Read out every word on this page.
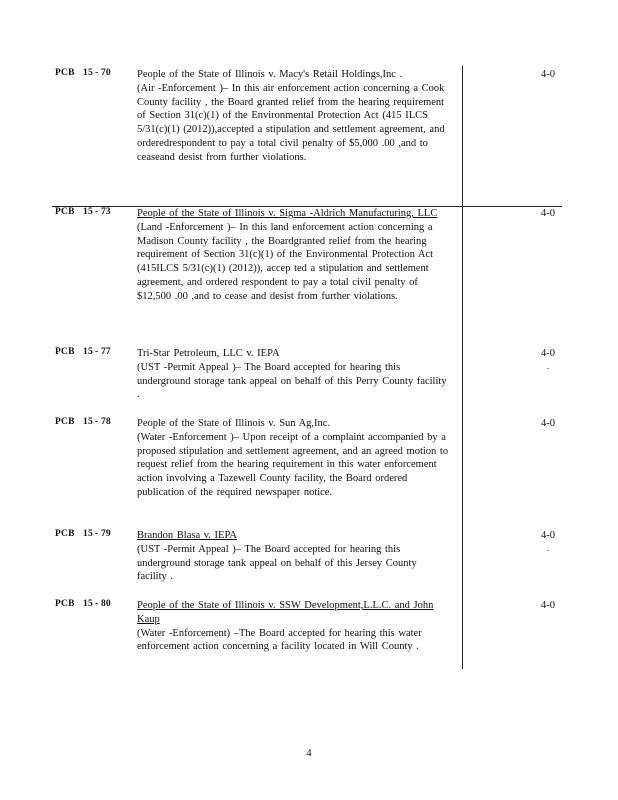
PCB 15 - 70 People of the State of Illinois v. Macy's Retail Holdings,Inc .
(Air -Enforcement )– In this air enforcement action concerning a Cook County facility , the Board granted relief from the hearing requirement of Section 31(c)(1) of the Environmental Protection Act (415 ILCS 5/31(c)(1) (2012)),accepted a stipulation and settlement agreement, and orderedrespondent to pay a total civil penalty of $5,000 .00 ,and to ceaseand desist from further violations.
4-0
PCB 15 - 73 People of the State of Illinois v. Sigma -Aldrich Manufacturing, LLC
(Land -Enforcement )– In this land enforcement action concerning a Madison County facility , the Boardgranted relief from the hearing requirement of Section 31(c)(1) of the Environmental Protection Act (415ILCS 5/31(c)(1) (2012)), accep ted a stipulation and settlement agreement, and ordered respondent to pay a total civil penalty of $12,500 .00 ,and to cease and desist from further violations.
4-0
PCB 15 - 77 Tri-Star Petroleum, LLC v. IEPA
(UST -Permit Appeal )– The Board accepted for hearing this underground storage tank appeal on behalf of this Perry County facility .
4-0
.
PCB 15 - 78 People of the State of Illinois v. Sun Ag,Inc.
(Water -Enforcement )– Upon receipt of a complaint accompanied by a proposed stipulation and settlement agreement, and an agreed motion to request relief from the hearing requirement in this water enforcement action involving a Tazewell County facility, the Board ordered publication of the required newspaper notice.
4-0
PCB 15 - 79 Brandon Blasa v. IEPA
(UST -Permit Appeal )– The Board accepted for hearing this underground storage tank appeal on behalf of this Jersey County facility .
4-0
.
PCB 15 - 80 People of the State of Illinois v. SSW Development,L.L.C. and John Kaup
(Water -Enforcement) –The Board accepted for hearing this water enforcement action concerning a facility located in Will County .
4-0
4
